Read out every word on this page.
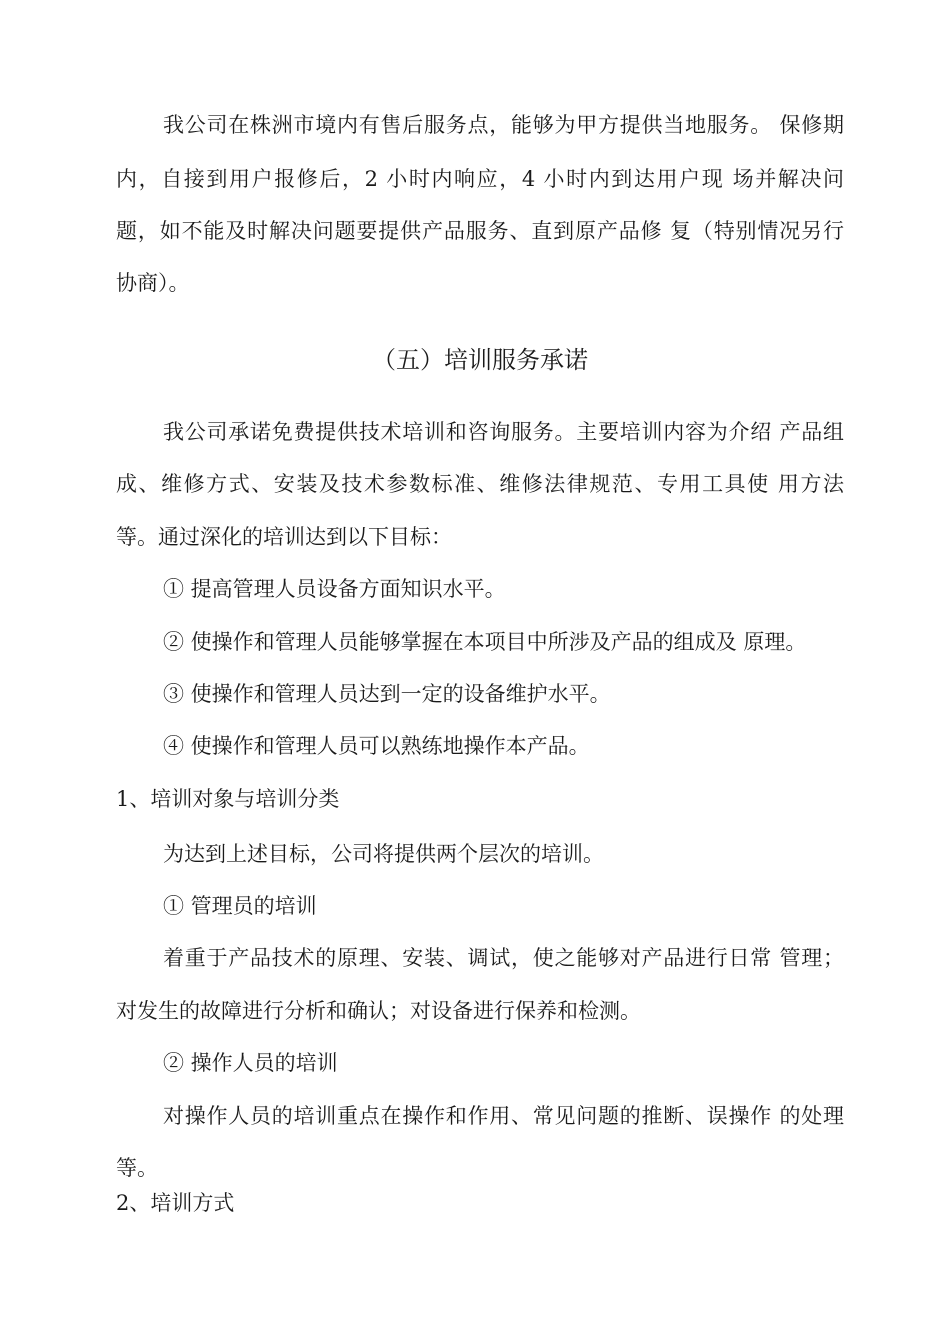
我公司在株洲市境内有售后服务点，能够为甲方提供当地服务。 保修期
内，自接到用户报修后，2 小时内响应，4 小时内到达用户现 场并解决问
题，如不能及时解决问题要提供产品服务、直到原产品修 复（特别情况另行
协商）。
（五）培训服务承诺
我公司承诺免费提供技术培训和咨询服务。主要培训内容为介绍 产品组
成、维修方式、安装及技术参数标准、维修法律规范、专用工具使 用方法
等。通过深化的培训达到以下目标：
① 提高管理人员设备方面知识水平。
② 使操作和管理人员能够掌握在本项目中所涉及产品的组成及 原理。
③ 使操作和管理人员达到一定的设备维护水平。
④ 使操作和管理人员可以熟练地操作本产品。
1、培训对象与培训分类
为达到上述目标，公司将提供两个层次的培训。
① 管理员的培训
着重于产品技术的原理、安装、调试，使之能够对产品进行日常 管理；
对发生的故障进行分析和确认；对设备进行保养和检测。
② 操作人员的培训
对操作人员的培训重点在操作和作用、常见问题的推断、误操作 的处理
等。
2、培训方式
